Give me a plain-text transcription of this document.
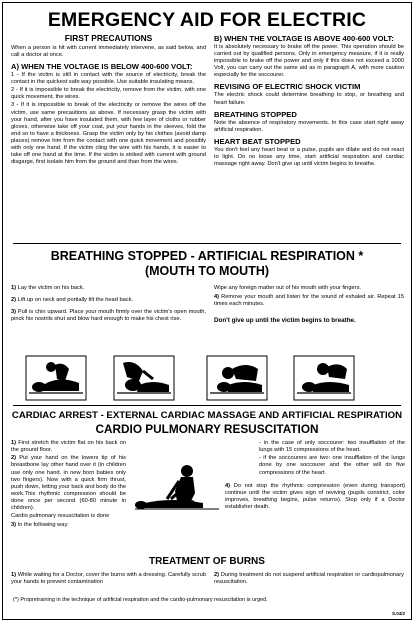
EMERGENCY AID FOR ELECTRIC
FIRST PRECAUTIONS

When a person is hit with current immediately intervene, as said below, and call a doctor at once.

A) WHEN THE VOLTAGE IS BELOW 400-600 VOLT:

1 - If the victim is still in contact with the source of electricity, break the contact in the quickest safe way possible. Use suitable insulating means.

2 - If it is impossible to break the electricity, remove from the victim, with one quick movement, the wires.

3 - If it is impossible to break of the electricity or remove the wires off the victim, use same precautions as above. If necessary grasp the victim with your hand, after you have insulated them, with few layer of cloths or rubber gloves, otherwise take off your coat, put your hands in the sleeves, fold the end so to have a thickness. Grasp the victim only by his clothes (avoid damp places) remove him from the contact with one quick movement and possibly with only one hand. If the victim cling the wire with his hands, it is easier to take off one hand at the time. If the victim is striked with current with ground disgarge, first isolate him from the ground and than from the wires.

B) WHEN THE VOLTAGE IS ABOVE 400-600 VOLT:

It is absolutely necessary to brake off the power. This operation should be carried out by qualified persons. Only in emergency measure, if it is really impossible to brake off the power and only if this does not exceed a 1000 Volt, you can carry out the same aid as in paragraph A, with more caution especially for the soccourer.

REVISING OF ELECTRIC SHOCK VICTIM

The electric shock could determine breathing to stop, or breathing and heart failure.

BREATHING STOPPED

Note the absence of respiratory movements. In this case start right away artificial respiration.

HEART BEAT STOPPED

You don't feel any heart beat or a pulse, pupils are dilate and do not react to light. Do no loose any time, start artificial respiration and cardiac massage right away. Don't give up until victim begins to breathe.

BREATHING STOPPED - ARTIFICIAL RESPIRATION *
(MOUTH TO MOUTH)

1) Lay the victim on his back.

2) Lift up on neck and portially tilt the head back.

3) Pull is chin upward. Place your mouth firmly over the victim's open mouth, pinck his nostrils shut and blow hard enough to make his chest rise.

Wipe any foreign matter out of his mouth with your fingers.

4) Remove your mouth and listen for the sound of exhaled air. Repeat 15 times each minutes.

Don't give up until the victim begins to breathe.

CARDIAC ARREST - EXTERNAL CARDIAC MASSAGE AND ARTIFICIAL RESPIRATION
CARDIO PULMONARY RESUSCITATION

1) First stretch the victim flat on his back on the ground floor.

2) Put your hand on the lowers tip of his breastbone lay other hand over it (in children use only one hand. in new born babies only two fingers). Now with a quick firm thrust, push down, letting your back and body do the work.This rhythmic compression should be done once per second (60-80 minute in children).

Cardio pulmonary resuscitation is done

3) In the following way:

- in the case of only soccourer: two insufflation of the lungs with 15 compressions of the heart.

- if the soccourers are two: one insufflation of the lungs done by one soccourer and the other will do five compressions of the heart.

4) Do not stop the rhythmic compression (even during transport) continue until the victim gives sign of reviving (pupils constrict, color improves, breathing begins, pulse returns). Stop only if a Doctor establisher death.

TREATMENT OF BURNS

1) While waiting for a Doctor, cover the burns with a dressing. Carefully scrub your hands to prevent contamination

2) During treatment do not suspend artificial respiration or cardiopulmonary resuscitation.

(*) Propretraining in the technique of artificial respiration and the cardio-pulmonary resuscitation is urged.
S.04/2
